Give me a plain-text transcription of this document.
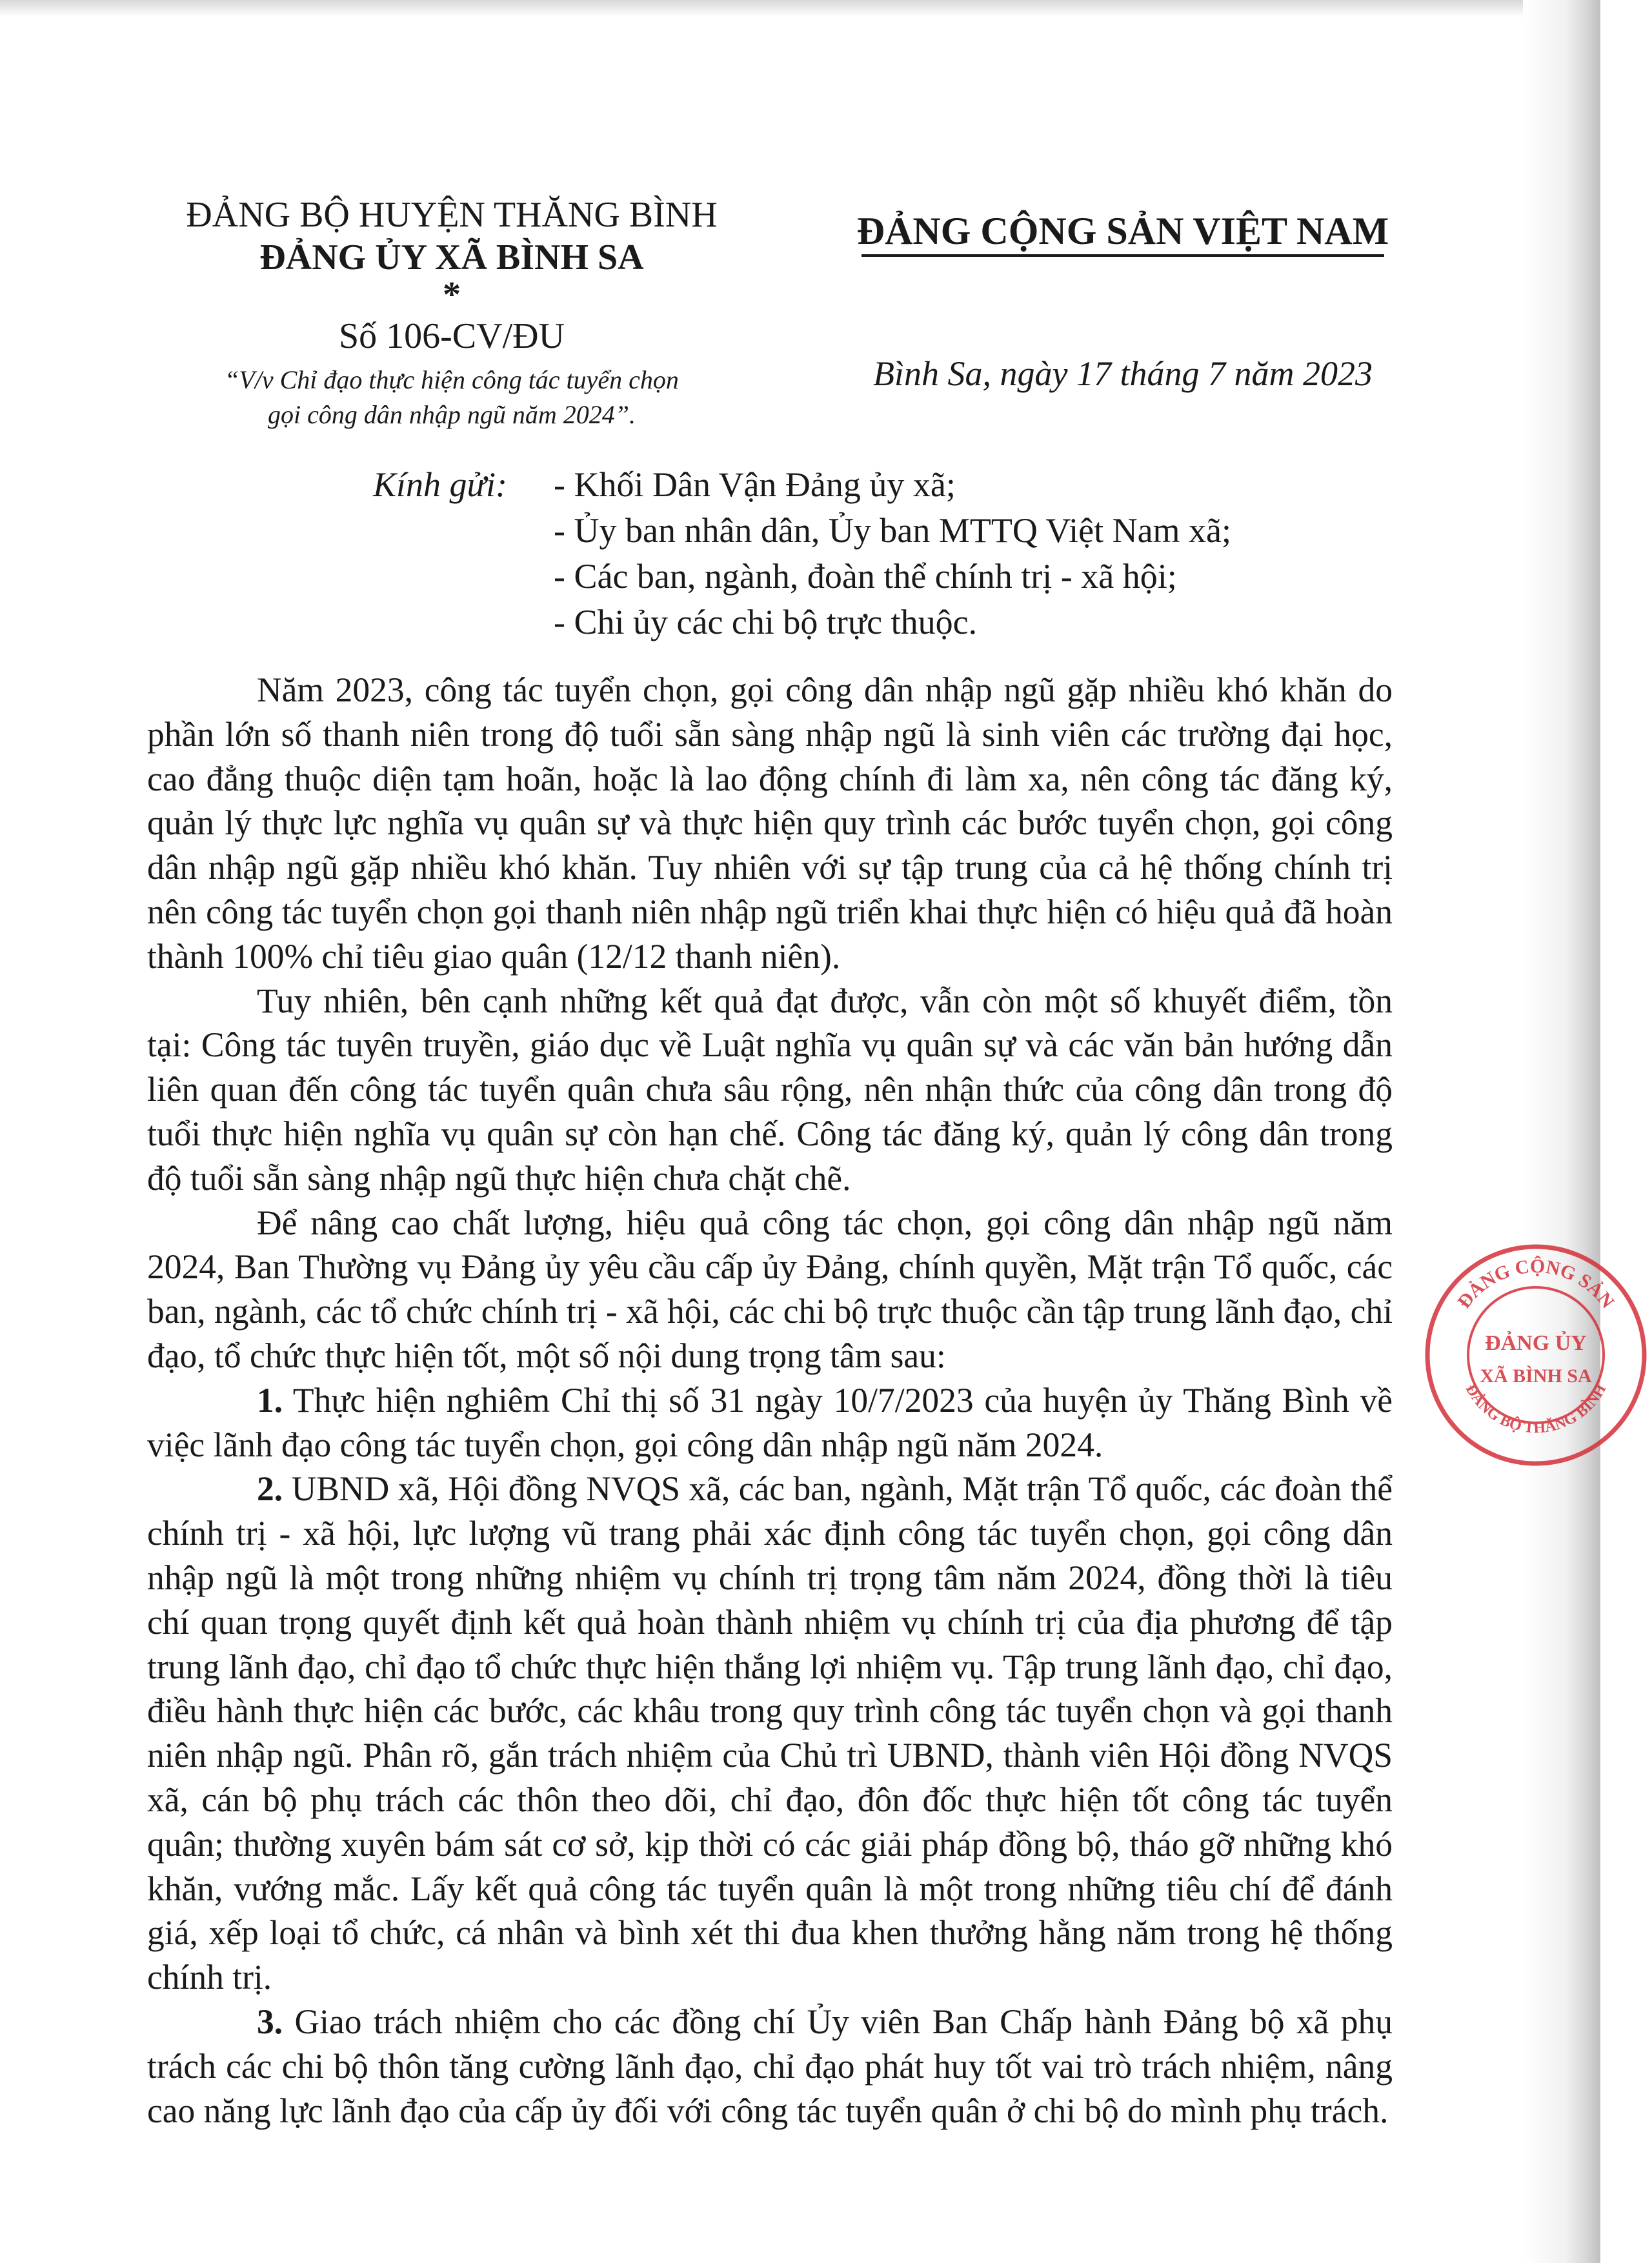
ĐẢNG BỘ HUYỆN THĂNG BÌNH
ĐẢNG ỦY XÃ BÌNH SA
*
Số 106-CV/ĐU
“V/v Chỉ đạo thực hiện công tác tuyển chọn
gọi công dân nhập ngũ năm 2024”.
ĐẢNG CỘNG SẢN VIỆT NAM
Bình Sa, ngày 17 tháng 7 năm 2023
Kính gửi: - Khối Dân Vận Đảng ủy xã;
- Ủy ban nhân dân, Ủy ban MTTQ Việt Nam xã;
- Các ban, ngành, đoàn thể chính trị - xã hội;
- Chi ủy các chi bộ trực thuộc.

Năm 2023, công tác tuyển chọn, gọi công dân nhập ngũ gặp nhiều khó khăn do phần lớn số thanh niên trong độ tuổi sẵn sàng nhập ngũ là sinh viên các trường đại học, cao đẳng thuộc diện tạm hoãn, hoặc là lao động chính đi làm xa, nên công tác đăng ký, quản lý thực lực nghĩa vụ quân sự và thực hiện quy trình các bước tuyển chọn, gọi công dân nhập ngũ gặp nhiều khó khăn. Tuy nhiên với sự tập trung của cả hệ thống chính trị nên công tác tuyển chọn gọi thanh niên nhập ngũ triển khai thực hiện có hiệu quả đã hoàn thành 100% chỉ tiêu giao quân (12/12 thanh niên).

Tuy nhiên, bên cạnh những kết quả đạt được, vẫn còn một số khuyết điểm, tồn tại: Công tác tuyên truyền, giáo dục về Luật nghĩa vụ quân sự và các văn bản hướng dẫn liên quan đến công tác tuyển quân chưa sâu rộng, nên nhận thức của công dân trong độ tuổi thực hiện nghĩa vụ quân sự còn hạn chế. Công tác đăng ký, quản lý công dân trong độ tuổi sẵn sàng nhập ngũ thực hiện chưa chặt chẽ.

Để nâng cao chất lượng, hiệu quả công tác chọn, gọi công dân nhập ngũ năm 2024, Ban Thường vụ Đảng ủy yêu cầu cấp ủy Đảng, chính quyền, Mặt trận Tổ quốc, các ban, ngành, các tổ chức chính trị - xã hội, các chi bộ trực thuộc cần tập trung lãnh đạo, chỉ đạo, tổ chức thực hiện tốt, một số nội dung trọng tâm sau:

1. Thực hiện nghiêm Chỉ thị số 31 ngày 10/7/2023 của huyện ủy Thăng Bình về việc lãnh đạo công tác tuyển chọn, gọi công dân nhập ngũ năm 2024.

2. UBND xã, Hội đồng NVQS xã, các ban, ngành, Mặt trận Tổ quốc, các đoàn thể chính trị - xã hội, lực lượng vũ trang phải xác định công tác tuyển chọn, gọi công dân nhập ngũ là một trong những nhiệm vụ chính trị trọng tâm năm 2024, đồng thời là tiêu chí quan trọng quyết định kết quả hoàn thành nhiệm vụ chính trị của địa phương để tập trung lãnh đạo, chỉ đạo tổ chức thực hiện thắng lợi nhiệm vụ. Tập trung lãnh đạo, chỉ đạo, điều hành thực hiện các bước, các khâu trong quy trình công tác tuyển chọn và gọi thanh niên nhập ngũ. Phân rõ, gắn trách nhiệm của Chủ trì UBND, thành viên Hội đồng NVQS xã, cán bộ phụ trách các thôn theo dõi, chỉ đạo, đôn đốc thực hiện tốt công tác tuyển quân; thường xuyên bám sát cơ sở, kịp thời có các giải pháp đồng bộ, tháo gỡ những khó khăn, vướng mắc. Lấy kết quả công tác tuyển quân là một trong những tiêu chí để đánh giá, xếp loại tổ chức, cá nhân và bình xét thi đua khen thưởng hằng năm trong hệ thống chính trị.

3. Giao trách nhiệm cho các đồng chí Ủy viên Ban Chấp hành Đảng bộ xã phụ trách các chi bộ thôn tăng cường lãnh đạo, chỉ đạo phát huy tốt vai trò trách nhiệm, nâng cao năng lực lãnh đạo của cấp ủy đối với công tác tuyển quân ở chi bộ do mình phụ trách.

ĐẢNG CỘNG SẢN
ĐẢNG BỘ THĂNG BÌNH
ĐẢNG ỦY
XÃ BÌNH SA
